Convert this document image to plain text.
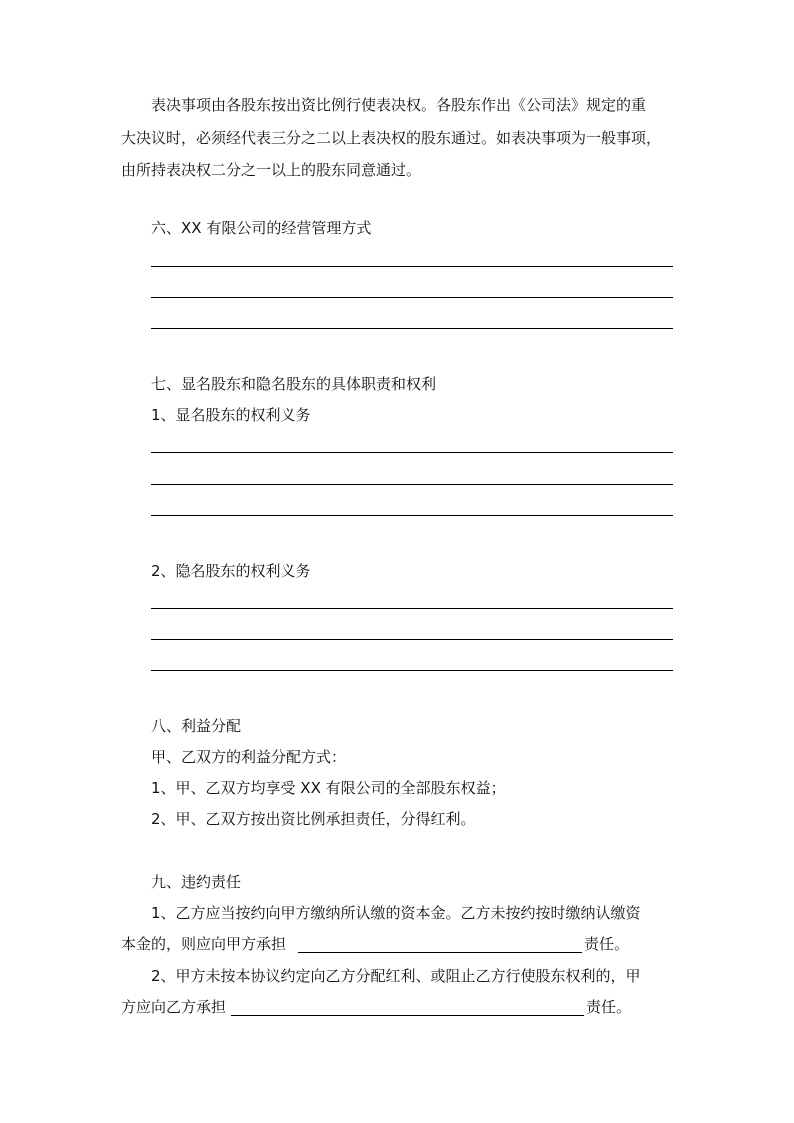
表决事项由各股东按出资比例行使表决权。各股东作出《公司法》规定的重
大决议时，必须经代表三分之二以上表决权的股东通过。如表决事项为一般事项，
由所持表决权二分之一以上的股东同意通过。
六、XX 有限公司的经营管理方式
七、显名股东和隐名股东的具体职责和权利
1、显名股东的权利义务
2、隐名股东的权利义务
八、利益分配
甲、乙双方的利益分配方式：
1、甲、乙双方均享受 XX 有限公司的全部股东权益；
2、甲、乙双方按出资比例承担责任，分得红利。
九、违约责任
1、乙方应当按约向甲方缴纳所认缴的资本金。乙方未按约按时缴纳认缴资
本金的，则应向甲方承担	责任。
2、甲方未按本协议约定向乙方分配红利、或阻止乙方行使股东权利的，甲
方应向乙方承担	责任。
